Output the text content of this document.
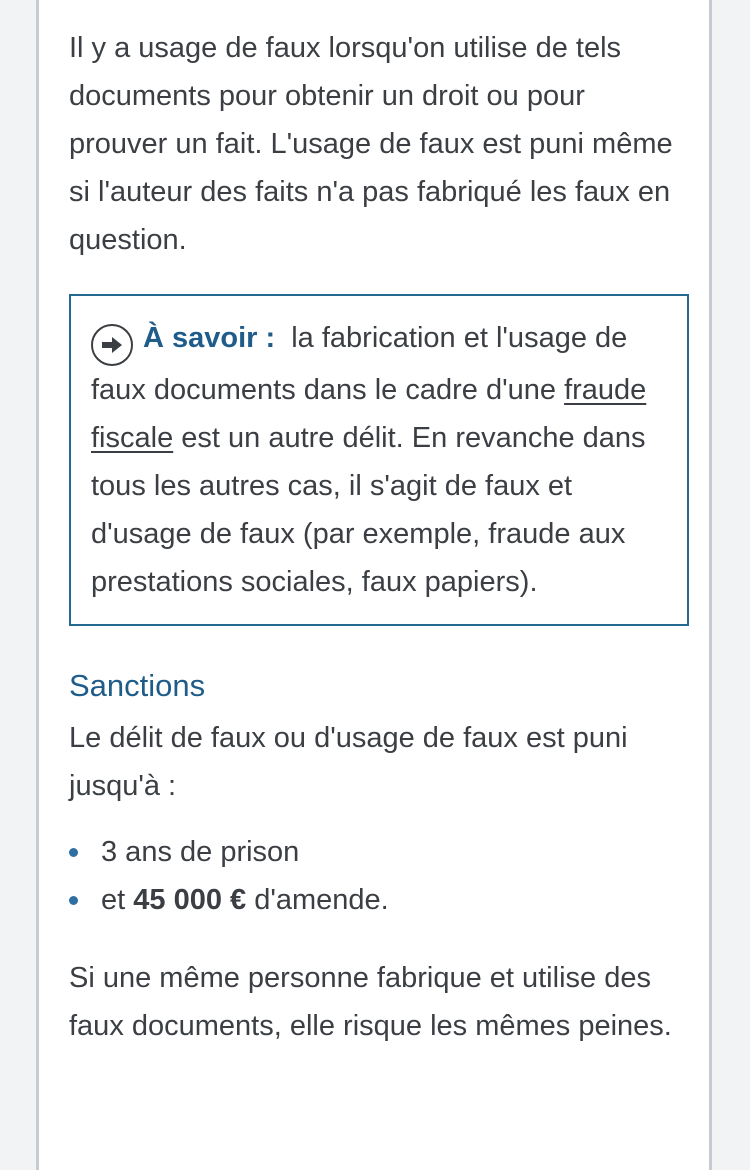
Il y a usage de faux lorsqu'on utilise de tels documents pour obtenir un droit ou pour prouver un fait. L'usage de faux est puni même si l'auteur des faits n'a pas fabriqué les faux en question.

À savoir : la fabrication et l'usage de faux documents dans le cadre d'une fraude fiscale est un autre délit. En revanche dans tous les autres cas, il s'agit de faux et d'usage de faux (par exemple, fraude aux prestations sociales, faux papiers).

Sanctions

Le délit de faux ou d'usage de faux est puni jusqu'à :

3 ans de prison
et 45 000 € d'amende.

Si une même personne fabrique et utilise des faux documents, elle risque les mêmes peines.
